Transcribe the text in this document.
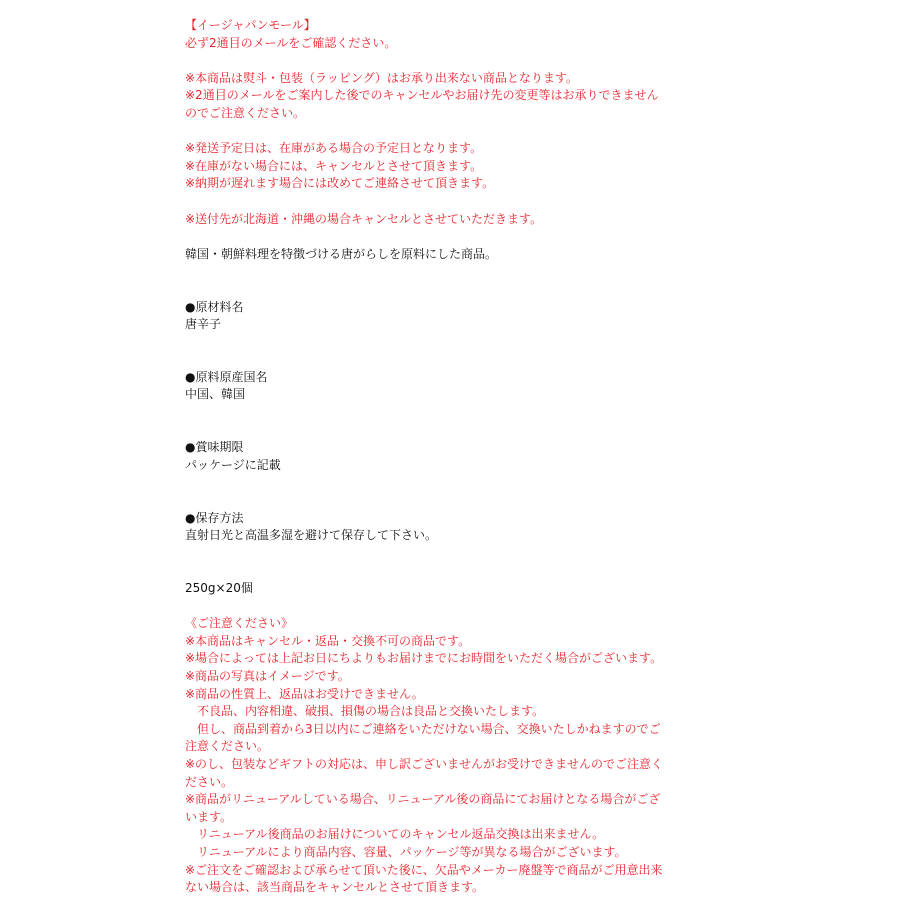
【イージャパンモール】
必ず2通目のメールをご確認ください。
※本商品は熨斗・包装（ラッピング）はお承り出来ない商品となります。
※2通目のメールをご案内した後でのキャンセルやお届け先の変更等はお承りできません
のでご注意ください。
※発送予定日は、在庫がある場合の予定日となります。
※在庫がない場合には、キャンセルとさせて頂きます。
※納期が遅れます場合には改めてご連絡させて頂きます。
※送付先が北海道・沖縄の場合キャンセルとさせていただきます。
韓国・朝鮮料理を特徴づける唐がらしを原料にした商品。
●原材料名
唐辛子
●原料原産国名
中国、韓国
●賞味期限
パッケージに記載
●保存方法
直射日光と高温多湿を避けて保存して下さい。
250g×20個
《ご注意ください》
※本商品はキャンセル・返品・交換不可の商品です。
※場合によっては上記お日にちよりもお届けまでにお時間をいただく場合がございます。
※商品の写真はイメージです。
※商品の性質上、返品はお受けできません。
　不良品、内容相違、破損、損傷の場合は良品と交換いたします。
　但し、商品到着から3日以内にご連絡をいただけない場合、交換いたしかねますのでご
注意ください。
※のし、包装などギフトの対応は、申し訳ございませんがお受けできませんのでご注意く
ださい。
※商品がリニューアルしている場合、リニューアル後の商品にてお届けとなる場合がござ
います。
　リニューアル後商品のお届けについてのキャンセル返品交換は出来ません。
　リニューアルにより商品内容、容量、パッケージ等が異なる場合がございます。
※ご注文をご確認および承らせて頂いた後に、欠品やメーカー廃盤等で商品がご用意出来
ない場合は、該当商品をキャンセルとさせて頂きます。
